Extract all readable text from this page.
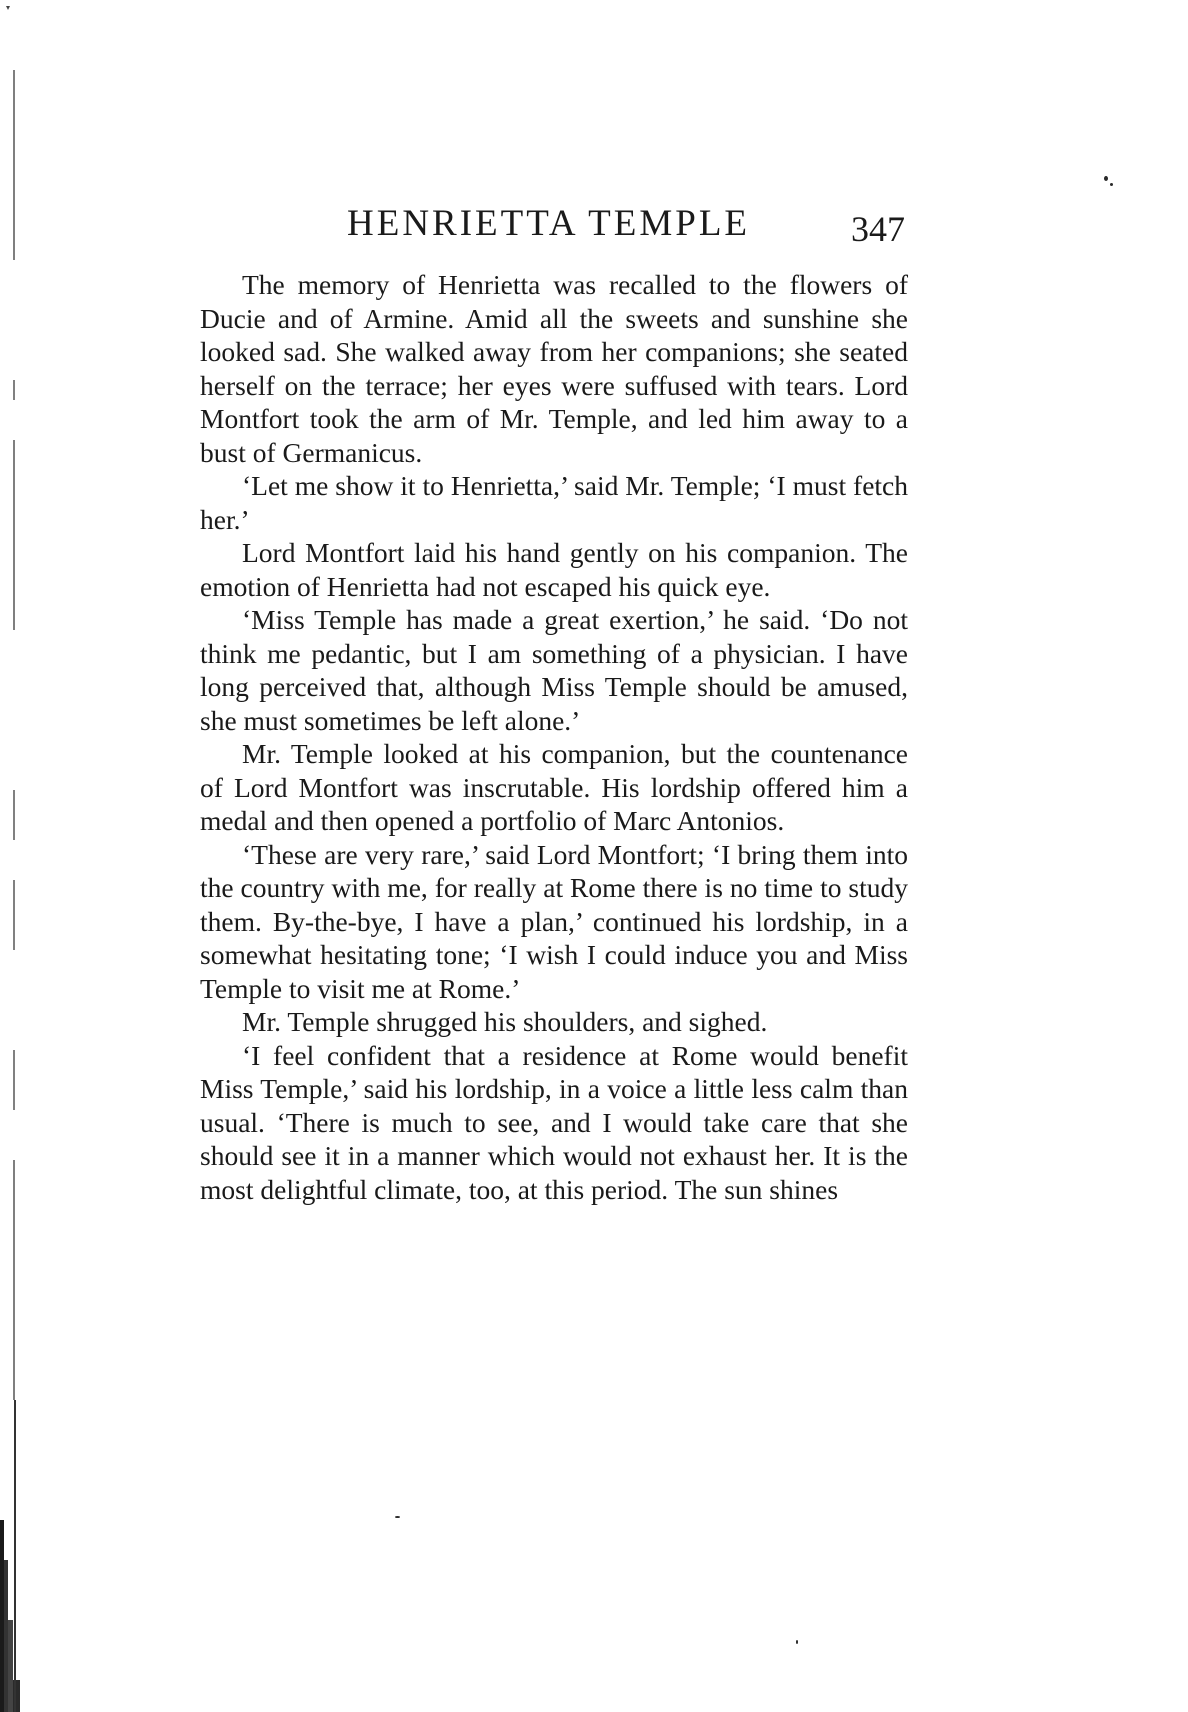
HENRIETTA TEMPLE	347

The memory of Henrietta was recalled to the flowers of Ducie and of Armine. Amid all the sweets and sunshine she looked sad. She walked away from her companions; she seated herself on the terrace; her eyes were suffused with tears. Lord Montfort took the arm of Mr. Temple, and led him away to a bust of Germanicus.

‘Let me show it to Henrietta,’ said Mr. Temple; ‘I must fetch her.’

Lord Montfort laid his hand gently on his companion. The emotion of Henrietta had not escaped his quick eye.

‘Miss Temple has made a great exertion,’ he said. ‘Do not think me pedantic, but I am something of a physician. I have long perceived that, although Miss Temple should be amused, she must sometimes be left alone.’

Mr. Temple looked at his companion, but the countenance of Lord Montfort was inscrutable. His lordship offered him a medal and then opened a portfolio of Marc Antonios.

‘These are very rare,’ said Lord Montfort; ‘I bring them into the country with me, for really at Rome there is no time to study them. By-the-bye, I have a plan,’ continued his lordship, in a somewhat hesitating tone; ‘I wish I could induce you and Miss Temple to visit me at Rome.’

Mr. Temple shrugged his shoulders, and sighed.

‘I feel confident that a residence at Rome would benefit Miss Temple,’ said his lordship, in a voice a little less calm than usual. ‘There is much to see, and I would take care that she should see it in a manner which would not exhaust her. It is the most delightful climate, too, at this period. The sun shines
